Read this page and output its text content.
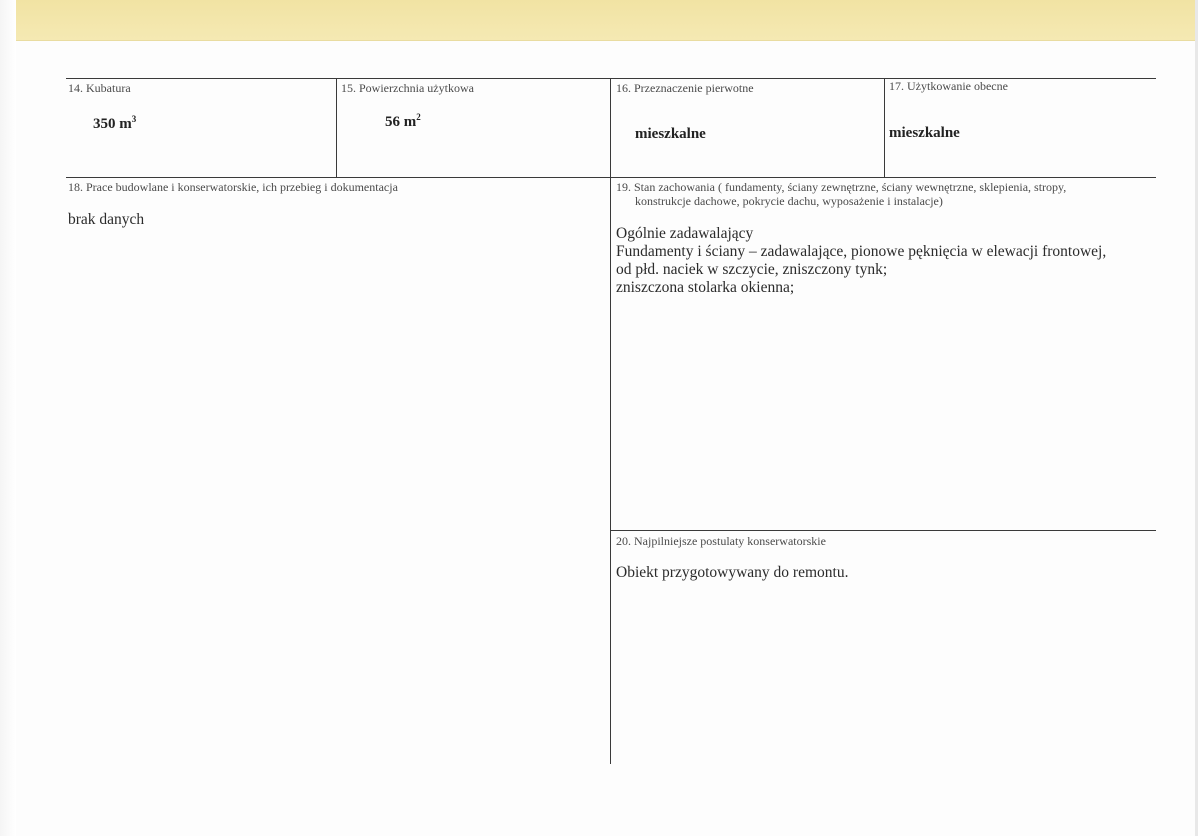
14. Kubatura
350 $m^3$
15. Powierzchnia użytkowa
56 $m^2$
16. Przeznaczenie pierwotne
mieszkalne
17. Użytkowanie obecne
mieszkalne
18. Prace budowlane i konserwatorskie, ich przebieg i dokumentacja
brak danych
19. Stan zachowania ( fundamenty, ściany zewnętrzne, ściany wewnętrzne, sklepienia, stropy,
konstrukcje dachowe, pokrycie dachu, wyposażenie i instalacje)
Ogólnie zadawalający
Fundamenty i ściany – zadawalające, pionowe pęknięcia w elewacji frontowej,
od płd. naciek w szczycie, zniszczony tynk;
zniszczona stolarka okienna;
20. Najpilniejsze postulaty konserwatorskie
Obiekt przygotowywany do remontu.
